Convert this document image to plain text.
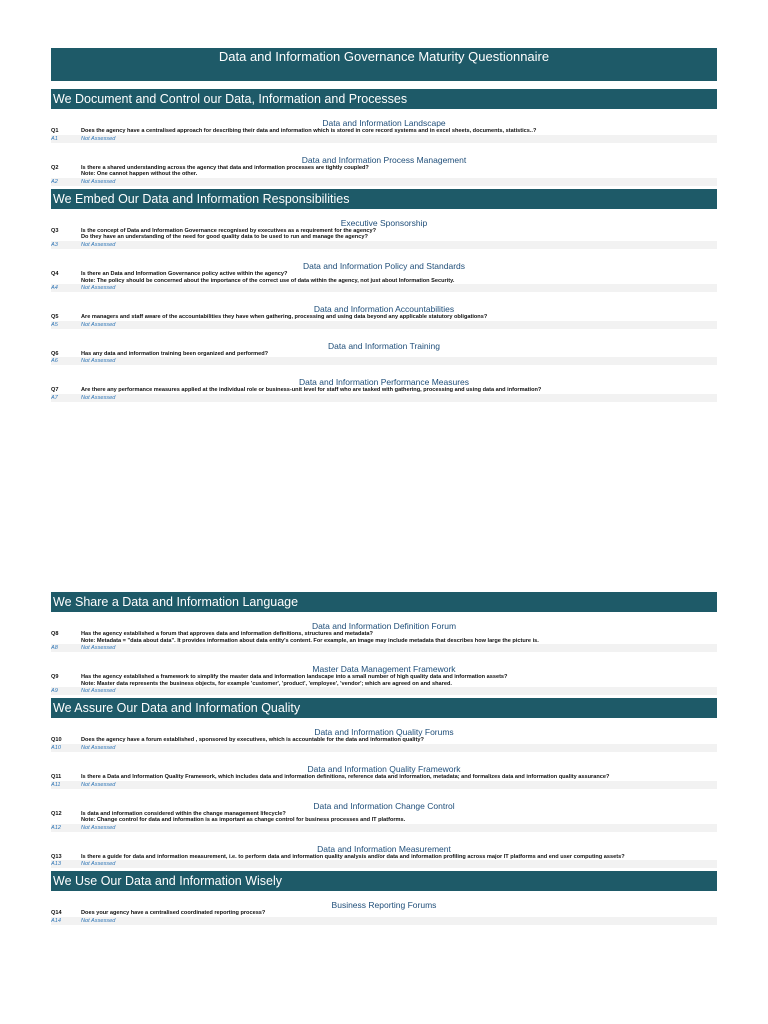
Data and Information Governance Maturity Questionnaire
We Document and Control our Data, Information and Processes
Data and Information Landscape
Q1	Does the agency have a centralised approach for describing their data and information which is stored in core record systems and in excel sheets, documents, statistics..?
A1	Not Assessed
Data and Information Process Management
Q2	Is there a shared understanding across the agency that data and information processes are tightly coupled?
Note: One cannot happen without the other.
A2	Not Assessed
We Embed Our Data and Information Responsibilities
Executive Sponsorship
Q3	Is the concept of Data and Information Governance recognised by executives as a requirement for the agency?
Do they have an understanding of the need for good quality data to be used to run and manage the agency?
A3	Not Assessed
Data and Information Policy and Standards
Q4	Is there an Data and Information Governance policy active within the agency?
Note: The policy should be concerned about the importance of the correct use of data within the agency, not just about Information Security.
A4	Not Assessed
Data and Information Accountabilities
Q5	Are managers and staff aware of the accountabilities they have when gathering, processing and using data beyond any applicable statutory obligations?
A5	Not Assessed
Data and Information Training
Q6	Has any data and information training been organized and performed?
A6	Not Assessed
Data and Information Performance Measures
Q7	Are there any performance measures applied at the individual role or business-unit level for staff who are tasked with gathering, processing and using data and information?
A7	Not Assessed
We Share a Data and Information Language
Data and Information Definition Forum
Q8	Has the agency established a forum that approves data and information definitions, structures and metadata?
Note: Metadata = "data about data". It provides information about data entity's content. For example, an image may include metadata that describes how large the picture is.
A8	Not Assessed
Master Data Management Framework
Q9	Has the agency established a framework to simplify the master data and information landscape into a small number of high quality data and information assets?
Note: Master data represents the business objects, for example 'customer', 'product', 'employee', 'vendor'; which are agreed on and shared.
A9	Not Assessed
We Assure Our Data and Information Quality
Data and Information Quality Forums
Q10	Does the agency have a forum established , sponsored by executives, which is accountable for the data and information quality?
A10	Not Assessed
Data and Information Quality Framework
Q11	Is there a Data and Information Quality Framework, which includes data and information definitions, reference data and information, metadata; and formalizes data and information quality assurance?
A11	Not Assessed
Data and Information Change Control
Q12	Is data and information considered within the change management lifecycle?
Note: Change control for data and information is as important as change control for business processes and IT platforms.
A12	Not Assessed
Data and Information Measurement
Q13	Is there a guide for data and information measurement, i.e. to perform data and information quality analysis and/or data and information profiling across major IT platforms and end user computing assets?
A13	Not Assessed
We Use Our Data and Information Wisely
Business Reporting Forums
Q14	Does your agency have a centralised coordinated reporting process?
A14	Not Assessed
